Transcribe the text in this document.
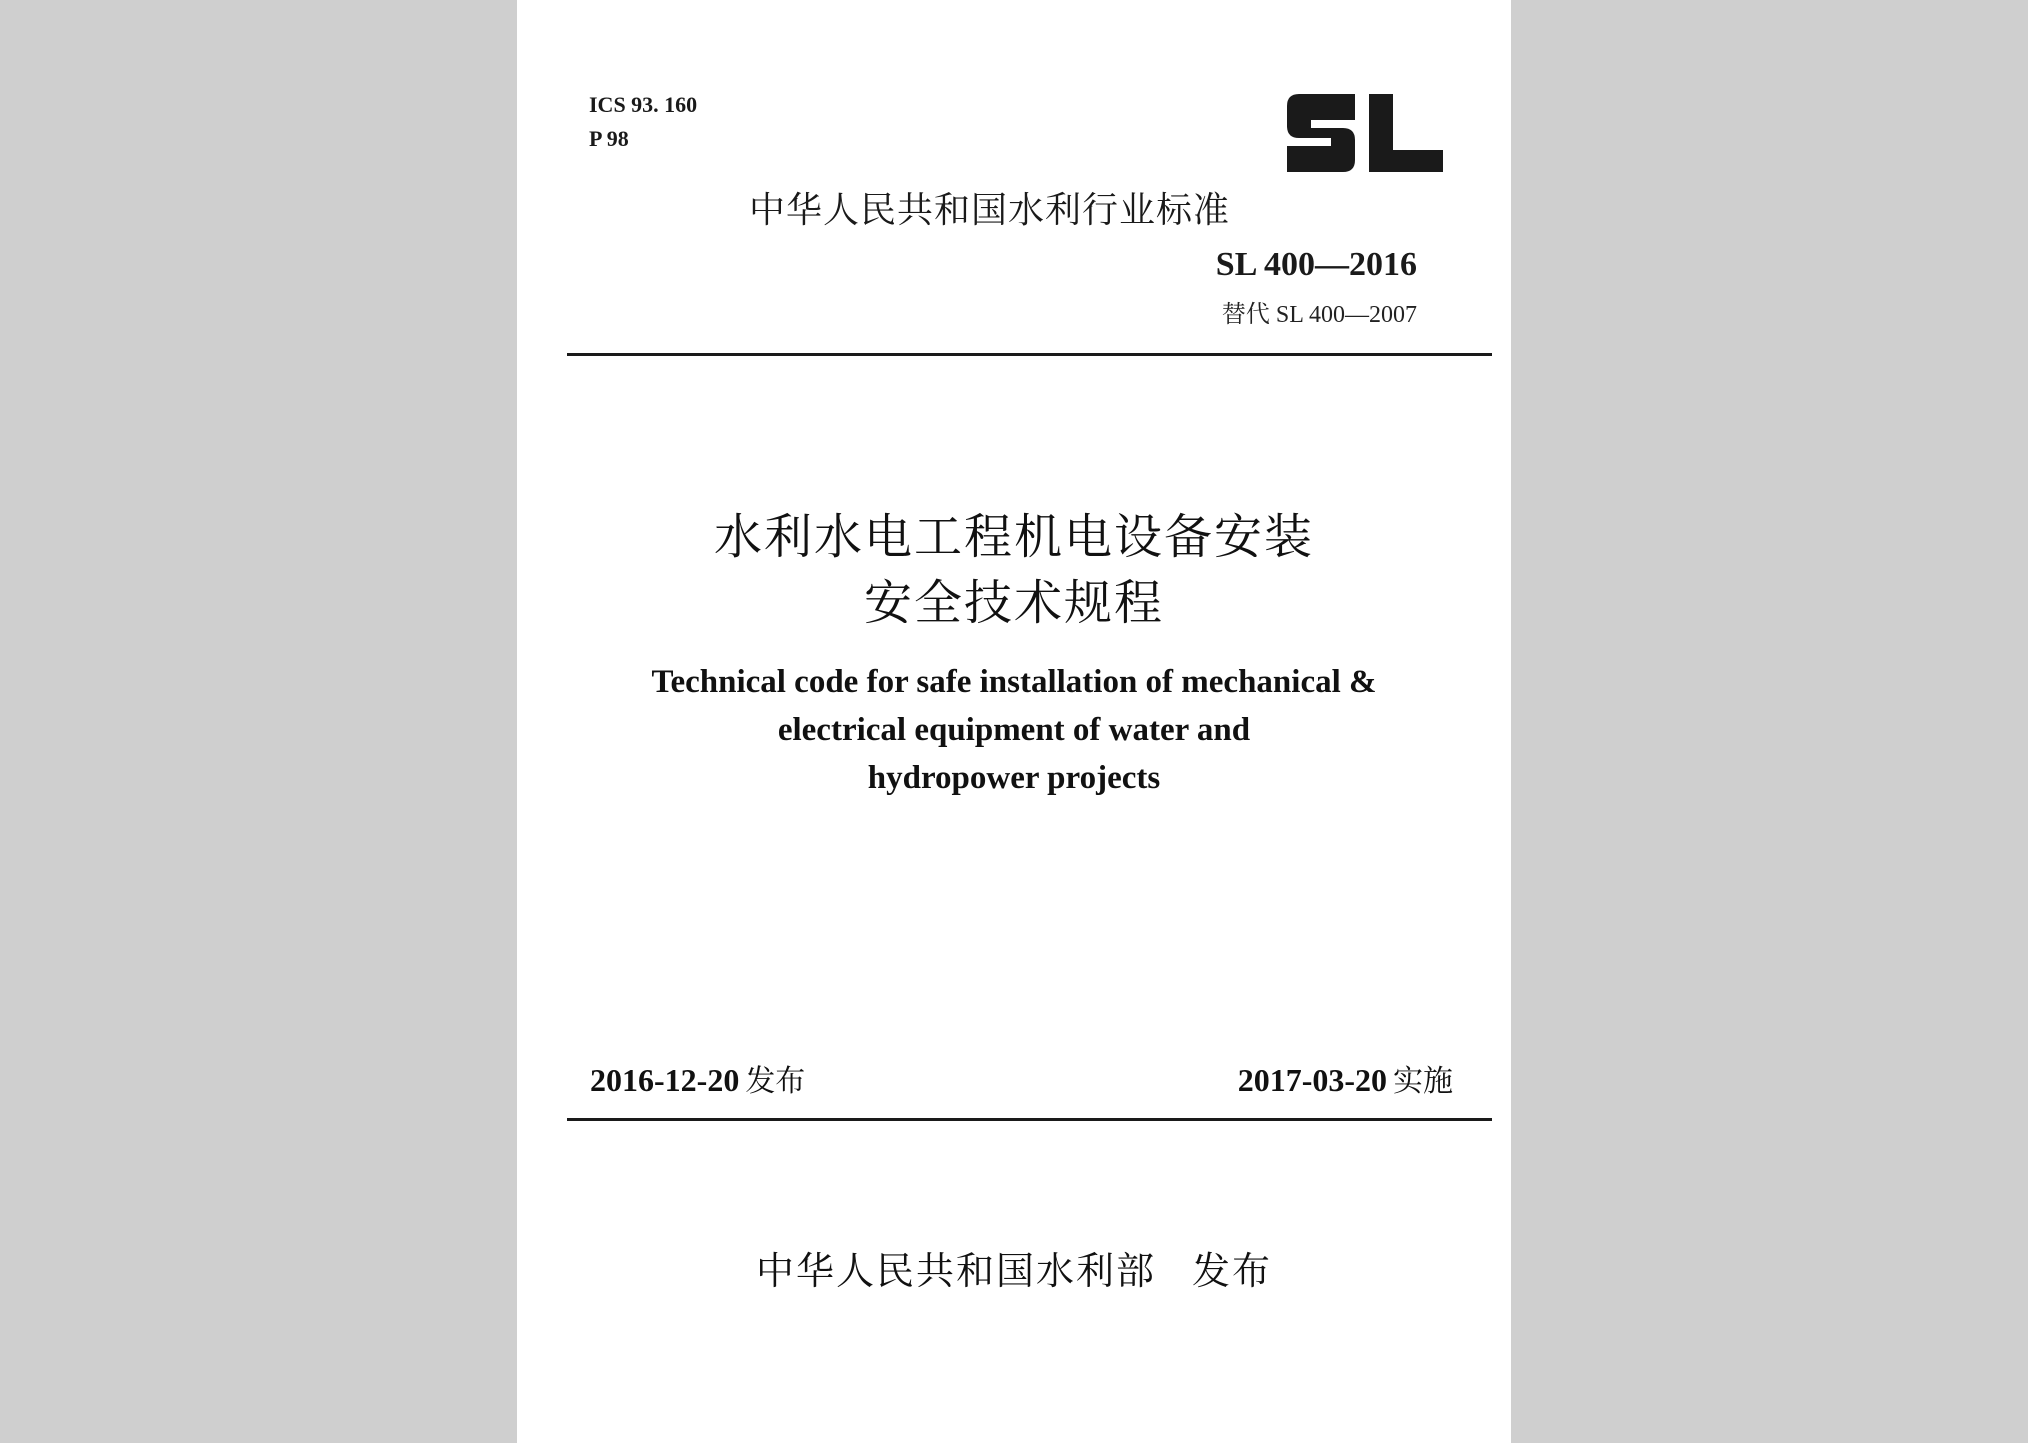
ICS 93. 160
P 98
中华人民共和国水利行业标准
SL 400—2016
替代 SL 400—2007
水利水电工程机电设备安装
安全技术规程
Technical code for safe installation of mechanical &
electrical equipment of water and
hydropower projects
2016-12-20 发布	2017-03-20 实施
中华人民共和国水利部 发布
